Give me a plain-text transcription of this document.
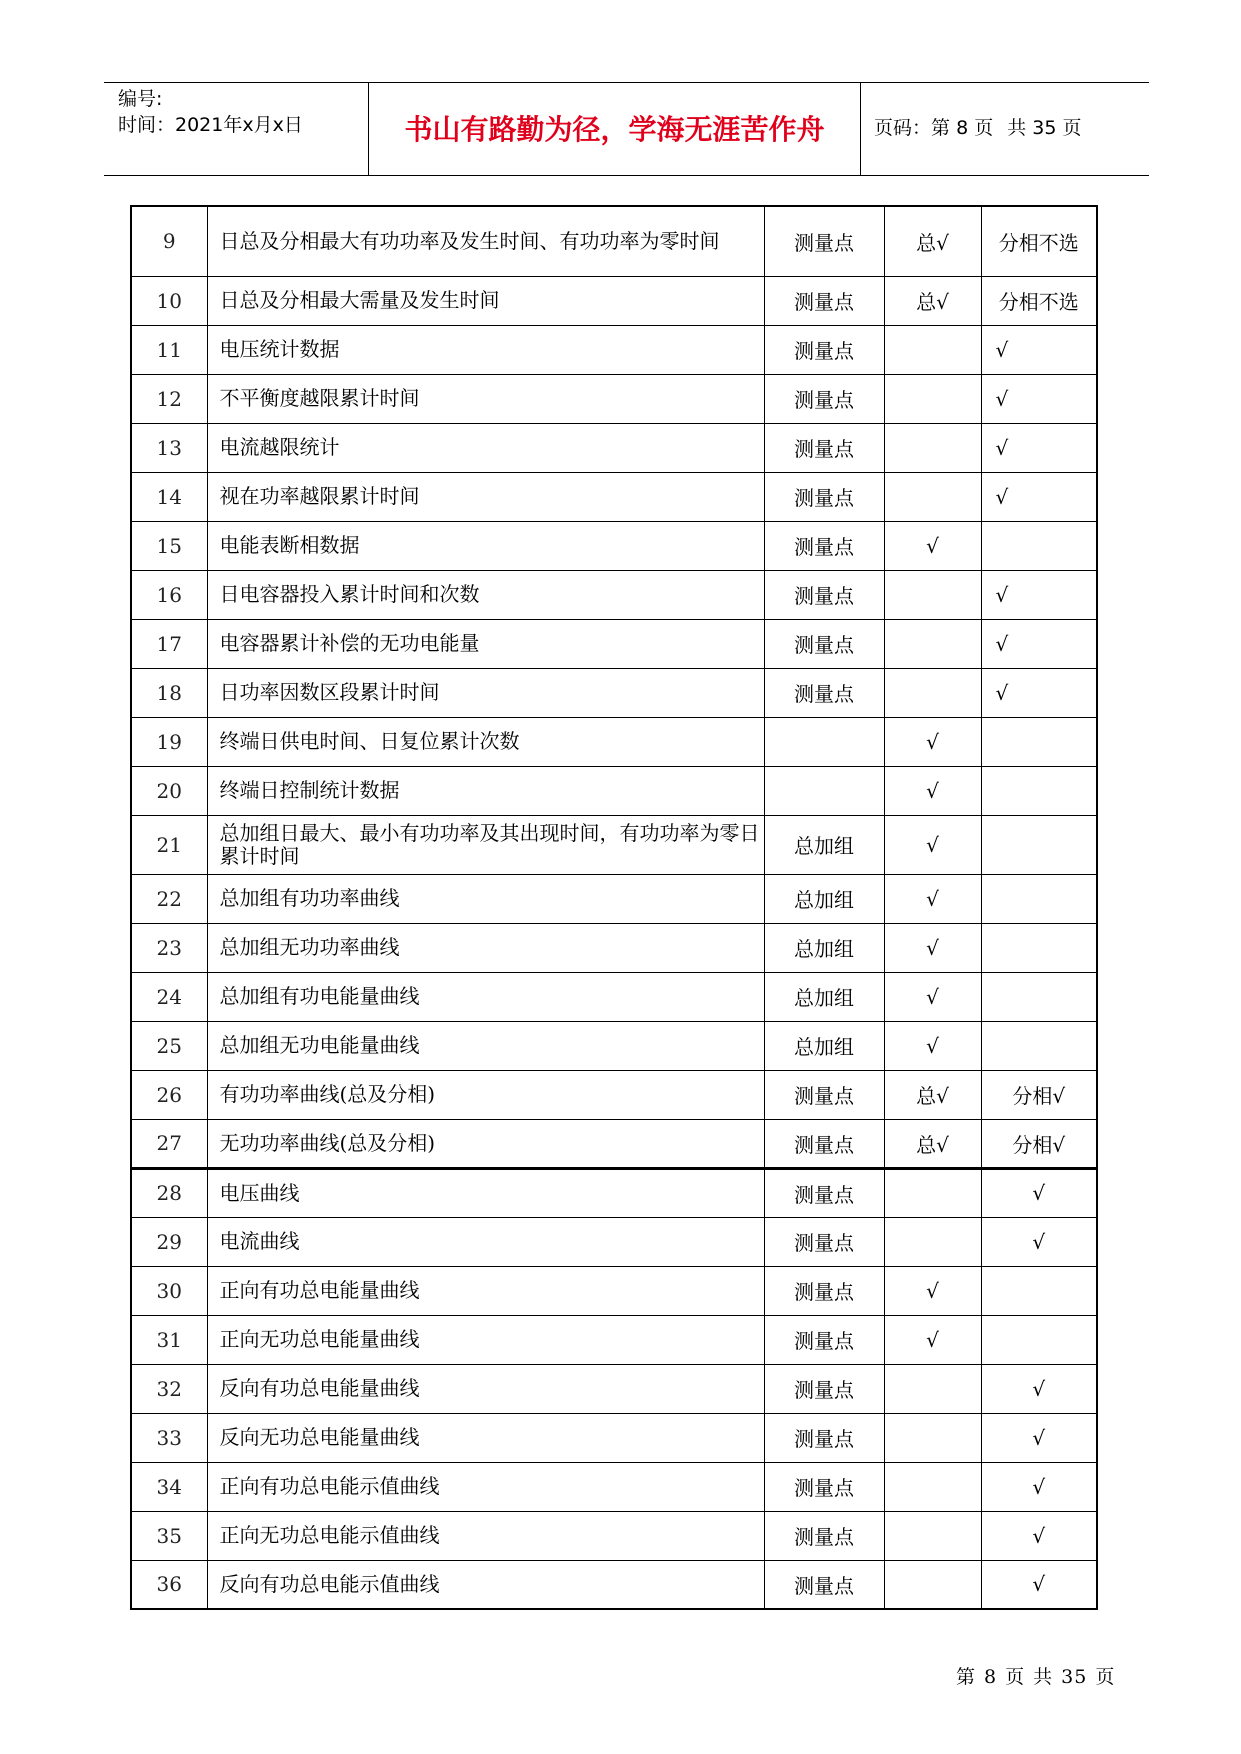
编号:
时间：2021年x月x日	书山有路勤为径，学海无涯苦作舟	页码：第 8 页 共 35 页
9	日总及分相最大有功功率及发生时间、有功功率为零时间	测量点	总√	分相不选
10	日总及分相最大需量及发生时间	测量点	总√	分相不选
11	电压统计数据	测量点		√
12	不平衡度越限累计时间	测量点		√
13	电流越限统计	测量点		√
14	视在功率越限累计时间	测量点		√
15	电能表断相数据	测量点	√	
16	日电容器投入累计时间和次数	测量点		√
17	电容器累计补偿的无功电能量	测量点		√
18	日功率因数区段累计时间	测量点		√
19	终端日供电时间、日复位累计次数		√	
20	终端日控制统计数据		√	
21	总加组日最大、最小有功功率及其出现时间，有功功率为零日累计时间	总加组	√	
22	总加组有功功率曲线	总加组	√	
23	总加组无功功率曲线	总加组	√	
24	总加组有功电能量曲线	总加组	√	
25	总加组无功电能量曲线	总加组	√	
26	有功功率曲线(总及分相)	测量点	总√	分相√
27	无功功率曲线(总及分相)	测量点	总√	分相√
28	电压曲线	测量点		√
29	电流曲线	测量点		√
30	正向有功总电能量曲线	测量点	√	
31	正向无功总电能量曲线	测量点	√	
32	反向有功总电能量曲线	测量点		√
33	反向无功总电能量曲线	测量点		√
34	正向有功总电能示值曲线	测量点		√
35	正向无功总电能示值曲线	测量点		√
36	反向有功总电能示值曲线	测量点		√
第 8 页 共 35 页
